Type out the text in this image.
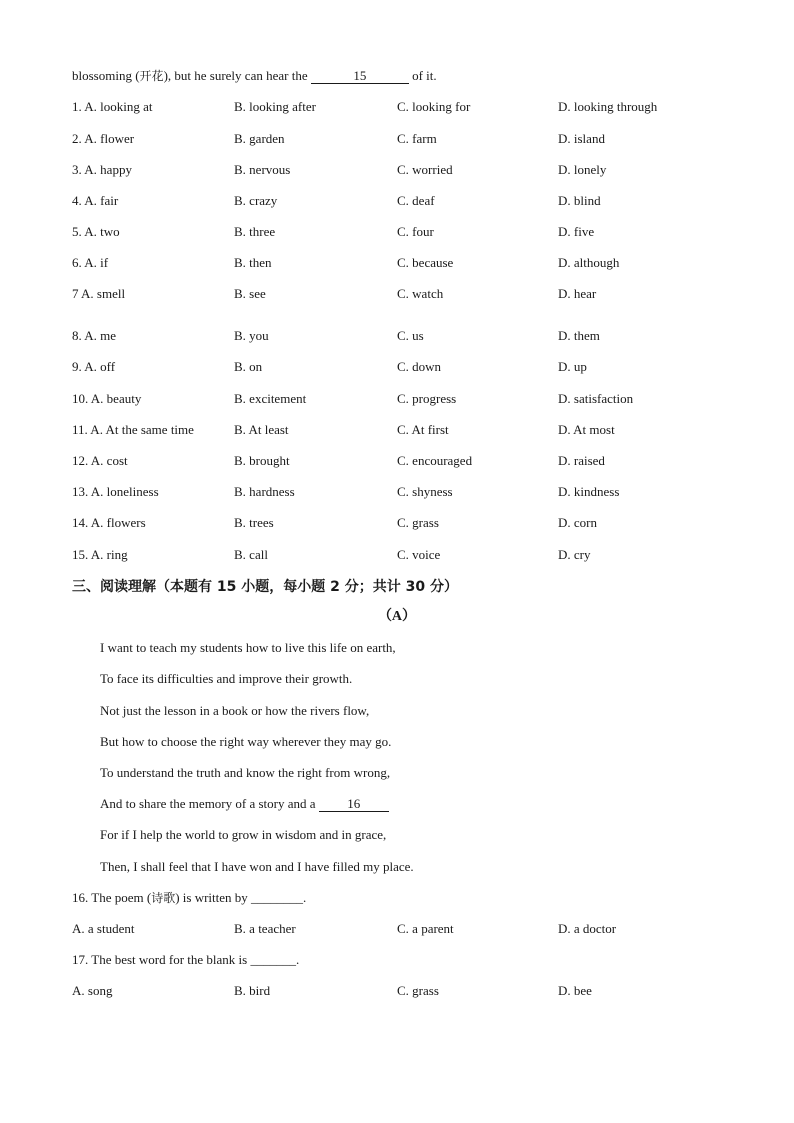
blossoming (开花), but he surely can hear the	15	of it.
1. A. looking at	B. looking after	C. looking for	D. looking through
2. A. flower	B. garden	C. farm	D. island
3. A. happy	B. nervous	C. worried	D. lonely
4. A. fair	B. crazy	C. deaf	D. blind
5. A. two	B. three	C. four	D. five
6. A. if	B. then	C. because	D. although
7 A. smell	B. see	C. watch	D. hear
8. A. me	B. you	C. us	D. them
9. A. off	B. on	C. down	D. up
10. A. beauty	B. excitement	C. progress	D. satisfaction
11. A. At the same time	B. At least	C. At first	D. At most
12. A. cost	B. brought	C. encouraged	D. raised
13. A. loneliness	B. hardness	C. shyness	D. kindness
14. A. flowers	B. trees	C. grass	D. corn
15. A. ring	B. call	C. voice	D. cry
三、阅读理解（本题有 15 小题，每小题 2 分；共计 30 分）
（A）
I want to teach my students how to live this life on earth,
To face its difficulties and improve their growth.
Not just the lesson in a book or how the rivers flow,
But how to choose the right way wherever they may go.
To understand the truth and know the right from wrong,
And to share the memory of a story and a 16
For if I help the world to grow in wisdom and in grace,
Then, I shall feel that I have won and I have filled my place.
16. The poem (诗歌) is written by ________.
A. a student	B. a teacher	C. a parent	D. a doctor
17. The best word for the blank is _______.
A. song	B. bird	C. grass	D. bee
